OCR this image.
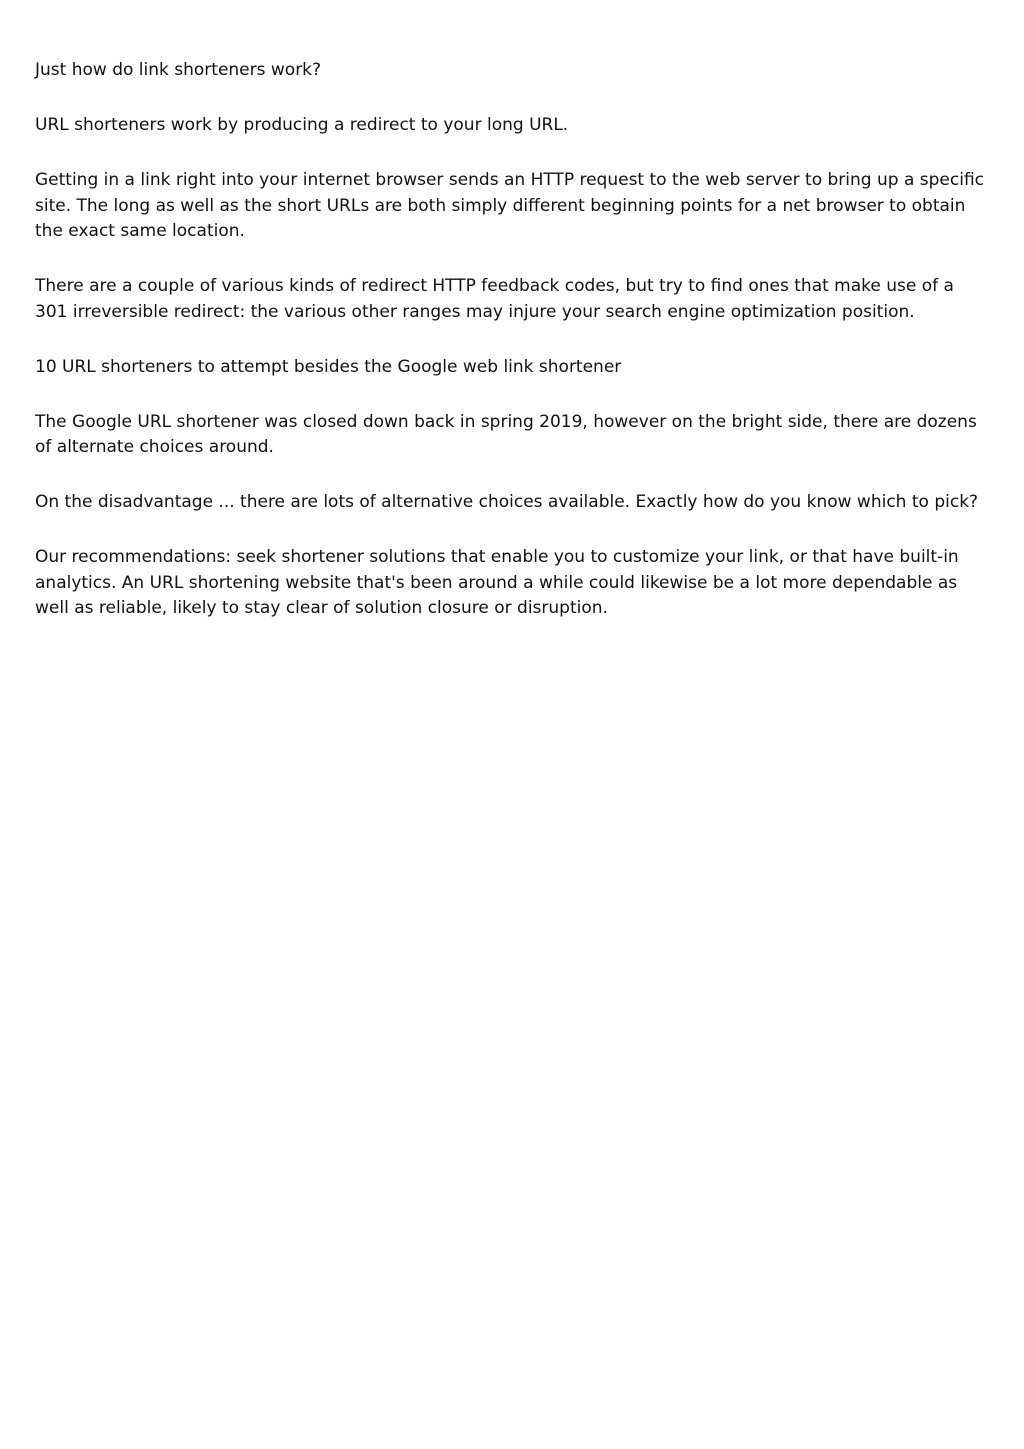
Just how do link shorteners work?

URL shorteners work by producing a redirect to your long URL.

Getting in a link right into your internet browser sends an HTTP request to the web server to bring up a specific site. The long as well as the short URLs are both simply different beginning points for a net browser to obtain the exact same location.

There are a couple of various kinds of redirect HTTP feedback codes, but try to find ones that make use of a 301 irreversible redirect: the various other ranges may injure your search engine optimization position.

10 URL shorteners to attempt besides the Google web link shortener

The Google URL shortener was closed down back in spring 2019, however on the bright side, there are dozens of alternate choices around.

On the disadvantage ... there are lots of alternative choices available. Exactly how do you know which to pick?

Our recommendations: seek shortener solutions that enable you to customize your link, or that have built-in analytics. An URL shortening website that's been around a while could likewise be a lot more dependable as well as reliable, likely to stay clear of solution closure or disruption.
